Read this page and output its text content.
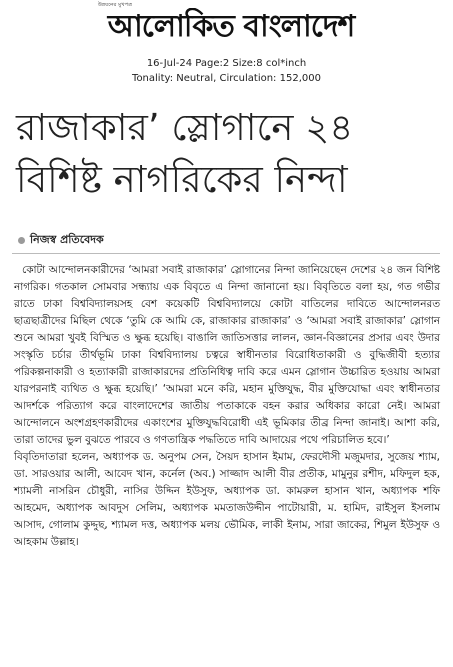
উন্নয়নের মুখপত্র
আলোকিত বাংলাদেশ
16-Jul-24 Page:2 Size:8 col*inch
Tonality: Neutral, Circulation: 152,000
রাজাকার’ স্লোগানে ২৪
বিশিষ্ট নাগরিকের নিন্দা
নিজস্ব প্রতিবেদক

কোটা আন্দোলনকারীদের ‘আমরা সবাই রাজাকার’ স্লোগানের নিন্দা জানিয়েছেন দেশের ২৪ জন বিশিষ্ট নাগরিক। গতকাল সোমবার সন্ধ্যায় এক বিবৃতে এ নিন্দা জানানো হয়। বিবৃতিতে বলা হয়, গত গভীর রাতে ঢাকা বিশ্ববিদ্যালয়সহ বেশ কয়েকটি বিশ্ববিদ্যালয়ে কোটা বাতিলের দাবিতে আন্দোলনরত ছাত্রছাত্রীদের মিছিল থেকে ‘তুমি কে আমি কে, রাজাকার রাজাকার’ ও ‘আমরা সবাই রাজাকার’ স্লোগান শুনে আমরা খুবই বিস্মিত ও ক্ষুব্ধ হয়েছি। বাঙালি জাতিসত্তার লালন, জ্ঞান-বিজ্ঞানের প্রসার এবং উদার সংস্কৃতি চর্চার তীর্থভূমি ঢাকা বিশ্ববিদ্যালয় চত্বরে স্বাধীনতার বিরোধিতাকারী ও বুদ্ধিজীবী হত্যার পরিকল্পনাকারী ও হত্যাকারী রাজাকারদের প্রতিনিধিত্ব দাবি করে এমন স্লোগান উচ্চারিত হওয়ায় আমরা যারপরনাই ব্যথিত ও ক্ষুব্ধ হয়েছি।’ ‘আমরা মনে করি, মহান মুক্তিযুদ্ধ, বীর মুক্তিযোদ্ধা এবং স্বাধীনতার আদর্শকে পরিত্যাগ করে বাংলাদেশের জাতীয় পতাকাকে বহন করার অধিকার কারো নেই। আমরা আন্দোলনে অংশগ্রহণকারীদের একাংশের মুক্তিযুদ্ধবিরোধী এই ভূমিকার তীব্র নিন্দা জানাই। আশা করি, তারা তাদের ভুল বুঝতে পারবে ও গণতান্ত্রিক পদ্ধতিতে দাবি আদায়ের পথে পরিচালিত হবে।’

বিবৃতিদাতারা হলেন, অধ্যাপক ড. অনুপম সেন, সৈয়দ হাসান ইমাম, ফেরদৌসী মজুমদার, সুজেয় শ্যাম, ডা. সারওয়ার আলী, আবেদ খান, কর্নেল (অব.) সাজ্জাদ আলী বীর প্রতীক, মামুনুর রশীদ, মফিদুল হক, শ্যামলী নাসরিন চৌধুরী, নাসির উদ্দিন ইউসুফ, অধ্যাপক ডা. কামরুল হাসান খান, অধ্যাপক শফি আহমেদ, অধ্যাপক আবদুস সেলিম, অধ্যাপক মমতাজউদ্দীন পাটোয়ারী, ম. হামিদ, রাইসুল ইসলাম আসাদ, গোলাম কুদ্দুছ, শ্যামল দত্ত, অধ্যাপক মলয় ভৌমিক, লাকী ইনাম, সারা জাকের, শিমুল ইউসুফ ও আহকাম উল্লাহ।
